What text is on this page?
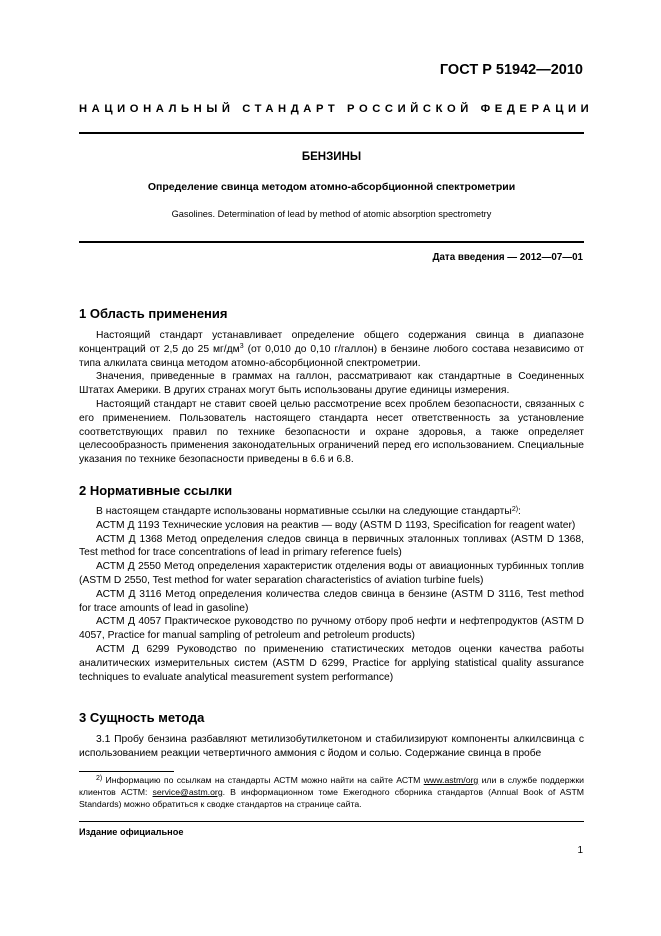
ГОСТ Р 51942—2010
НАЦИОНАЛЬНЫЙ СТАНДАРТ РОССИЙСКОЙ ФЕДЕРАЦИИ
БЕНЗИНЫ
Определение свинца методом атомно-абсорбционной спектрометрии
Gasolines. Determination of lead by method of atomic absorption spectrometry
Дата введения — 2012—07—01
1 Область применения

Настоящий стандарт устанавливает определение общего содержания свинца в диапазоне концентраций от 2,5 до 25 $мг/дм^3$ (от 0,010 до 0,10 г/галлон) в бензине любого состава независимо от типа алкилата свинца методом атомно-абсорбционной спектрометрии.

Значения, приведенные в граммах на галлон, рассматривают как стандартные в Соединенных Штатах Америки. В других странах могут быть использованы другие единицы измерения.

Настоящий стандарт не ставит своей целью рассмотрение всех проблем безопасности, связанных с его применением. Пользователь настоящего стандарта несет ответственность за установление соответствующих правил по технике безопасности и охране здоровья, а также определяет целесообразность применения законодательных ограничений перед его использованием. Специальные указания по технике безопасности приведены в 6.6 и 6.8.

2 Нормативные ссылки

В настоящем стандарте использованы нормативные ссылки на следующие стандарты$^{2)}$:

АСТМ Д 1193 Технические условия на реактив — воду (ASTM D 1193, Specification for reagent water)

АСТМ Д 1368 Метод определения следов свинца в первичных эталонных топливах (ASTM D 1368, Test method for trace concentrations of lead in primary reference fuels)

АСТМ Д 2550 Метод определения характеристик отделения воды от авиационных турбинных топлив (ASTM D 2550, Test method for water separation characteristics of aviation turbine fuels)

АСТМ Д 3116 Метод определения количества следов свинца в бензине (ASTM D 3116, Test method for trace amounts of lead in gasoline)

АСТМ Д 4057 Практическое руководство по ручному отбору проб нефти и нефтепродуктов (ASTM D 4057, Practice for manual sampling of petroleum and petroleum products)

АСТМ Д 6299 Руководство по применению статистических методов оценки качества работы аналитических измерительных систем (ASTM D 6299, Practice for applying statistical quality assurance techniques to evaluate analytical measurement system performance)

3 Сущность метода

3.1 Пробу бензина разбавляют метилизобутилкетоном и стабилизируют компоненты алкилсвинца с использованием реакции четвертичного аммония с йодом и солью. Содержание свинца в пробе

$^{2)}$ Информацию по ссылкам на стандарты АСТМ можно найти на сайте АСТМ www.astm/org или в службе поддержки клиентов АСТМ: service@astm.org. В информационном томе Ежегодного сборника стандартов (Annual Book of ASTM Standards) можно обратиться к сводке стандартов на странице сайта.

Издание официальное
1
